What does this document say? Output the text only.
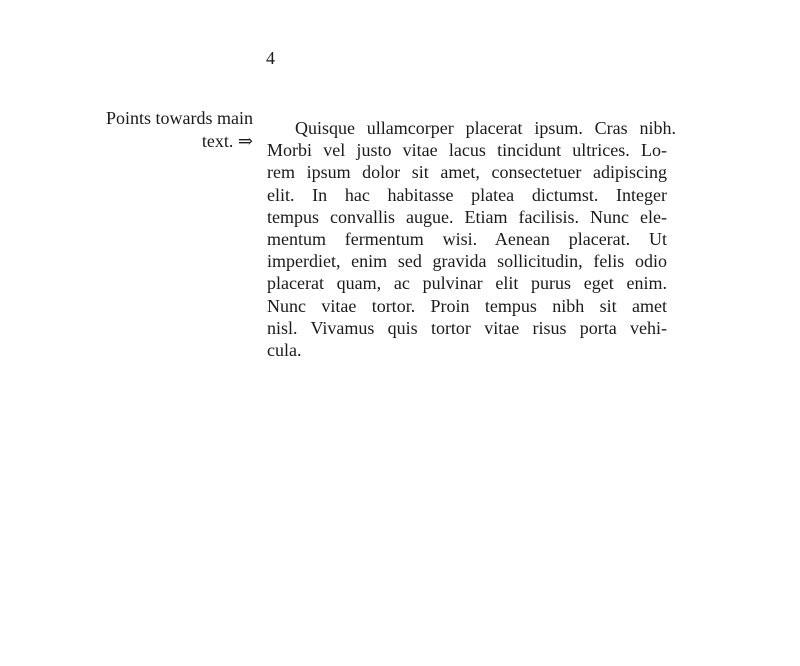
4
Points towards main
text. ⇒
Quisque ullamcorper placerat ipsum. Cras nibh.
Morbi vel justo vitae lacus tincidunt ultrices. Lo-
rem ipsum dolor sit amet, consectetuer adipiscing
elit. In hac habitasse platea dictumst. Integer
tempus convallis augue. Etiam facilisis. Nunc ele-
mentum fermentum wisi. Aenean placerat. Ut
imperdiet, enim sed gravida sollicitudin, felis odio
placerat quam, ac pulvinar elit purus eget enim.
Nunc vitae tortor. Proin tempus nibh sit amet
nisl. Vivamus quis tortor vitae risus porta vehi-
cula.
